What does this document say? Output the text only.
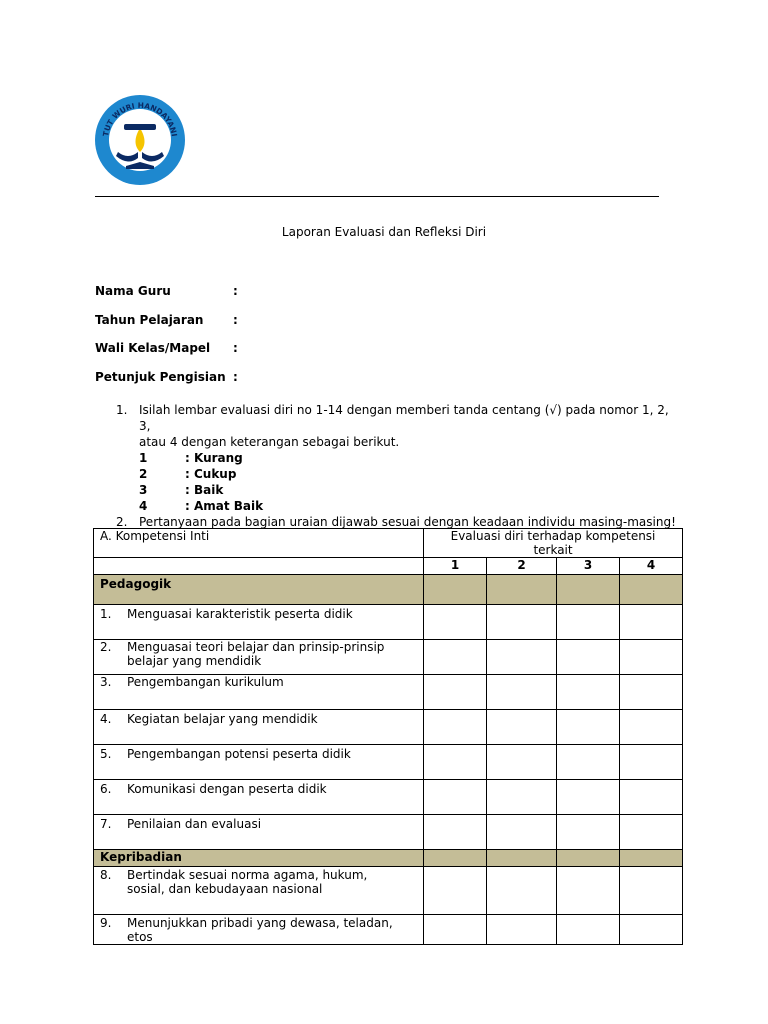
TUT WURI HANDAYANI
Laporan Evaluasi dan Refleksi Diri
Nama Guru	:
Tahun Pelajaran :
Wali Kelas/Mapel :
Petunjuk Pengisian :
1. Isilah lembar evaluasi diri no 1-14 dengan memberi tanda centang (√) pada nomor 1, 2, 3,
atau 4 dengan keterangan sebagai berikut.
1	: Kurang
2	: Cukup
3	: Baik
4	: Amat Baik
2. Pertanyaan pada bagian uraian dijawab sesuai dengan keadaan individu masing-masing!
A. Kompetensi Inti	Evaluasi diri terhadap kompetensi terkait			
	1	2	3	4
Pedagogik				
1. Menguasai karakteristik peserta didik				
2. Menguasai teori belajar dan prinsip-prinsip belajar yang mendidik				
3. Pengembangan kurikulum				
4. Kegiatan belajar yang mendidik				
5. Pengembangan potensi peserta didik				
6. Komunikasi dengan peserta didik				
7. Penilaian dan evaluasi				
Kepribadian				
8. Bertindak sesuai norma agama, hukum, sosial, dan kebudayaan nasional				
9. Menunjukkan pribadi yang dewasa, teladan, etos				
